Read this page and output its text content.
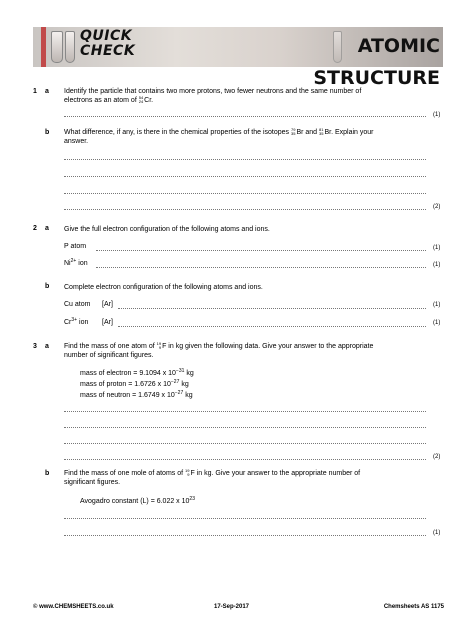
QUICK
CHECK	ATOMIC STRUCTURE
1 a Identify the particle that contains two more protons, two fewer neutrons and the same number of
electrons as an atom of 54
24 Cr.
(1)
b What difference, if any, is there in the chemical properties of the isotopes 79
35 Br and 81
35 Br. Explain your
answer.
(2)
2 a Give the full electron configuration of the following atoms and ions.
P atom	(1)
$Ni^{2+}$ ion	(1)
b Complete electron configuration of the following atoms and ions.
Cu atom [Ar]	(1)
$Cr^{3+}$ ion [Ar]	(1)
3 a Find the mass of one atom of 19
9 F in kg given the following data. Give your answer to the appropriate
number of significant figures.
mass of electron = 9.1094 x $10^{-31}$ kg
mass of proton = 1.6726 x $10^{-27}$ kg
mass of neutron = 1.6749 x $10^{-27}$ kg
(2)
b Find the mass of one mole of atoms of 19
9 F in kg. Give your answer to the appropriate number of
significant figures.
Avogadro constant (L) = 6.022 x $10^{23}$
(1)
© www.CHEMSHEETS.co.uk	17-Sep-2017	Chemsheets AS 1175
